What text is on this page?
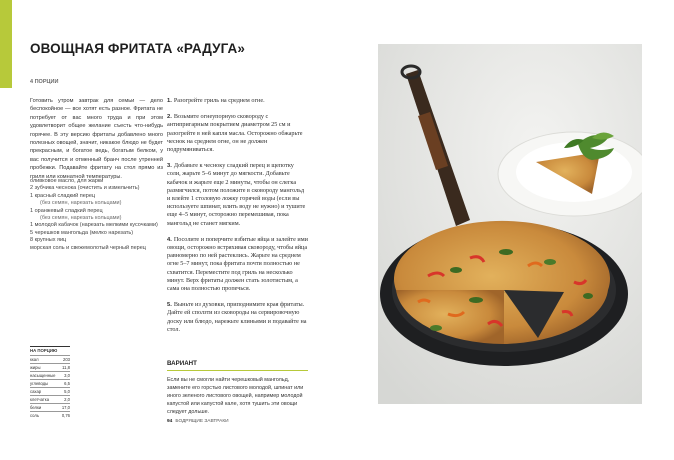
ОВОЩНАЯ ФРИТАТА «РАДУГА»
4 ПОРЦИИ

Готовить утром завтрак для семьи — дело беспокойное — все хотят есть разное. Фритата не потребует от вас много труда и при этом удовлетворит общее желание съесть что-нибудь горячее. В эту версию фритаты добавлено много полезных овощей, значит, никакое блюдо не будет прекрасным, и богатое ведь, богатым белком, у вас получится и отменный бранч после утренней пробежки. Подавайте фритату на стол прямо из гриля или комнатной температуры.

оливковое масло, для жарки
2 зубчика чеснока (очистить и измельчить)
1 красный сладкий перец
(без семян, нарезать кольцами)
1 оранжевый сладкий перец
(без семян, нарезать кольцами)
1 молодой кабачок (нарезать мелкими кусочками)
5 черешков мангольда (мелко нарезать)
8 крупных яиц
морская соль и свежемолотый черный перец
1. Разогрейте гриль на среднем огне.
2. Возьмите огнеупорную сковороду с антипригарным покрытием диаметром 25 см и разогрейте в ней капля масла. Осторожно обжарьте чеснок на среднем огне, он не должен подрумяниваться.
3. Добавьте к чесноку сладкий перец и щепотку соли, жарьте 5–6 минут до мягкости. Добавьте кабачок и жарьте еще 2 минуты, чтобы он слегка размягчился, потом положите в сковороду мангольд и влейте 1 столовую ложку горячей воды (если вы используете шпинат, влить воду не нужно) и тушите еще 4–5 минут, осторожно перемешивая, пока мангольд не станет мягким.
4. Посолите и поперчите взбитые яйца и залейте ими овощи, осторожно встряхивая сковороду, чтобы яйца равномерно по ней растеклись. Жарьте на среднем огне 5–7 минут, пока фритата почти полностью не схватится. Переместите под гриль на несколько минут. Верх фритаты должен стать золотистым, а сама она полностью пропечься.
5. Выньте из духовки, приподнимите края фритаты. Дайте ей сползти из сковороды на сервировочную доску или блюдо, нарежьте клиньями и подавайте на стол.
НА ПОРЦИЮ	
ккал	203
жиры	11,8
насыщенные	3,0
углеводы	6,5
сахар	5,0
клетчатка	2,0
белки	17,0
соль	0,76
ВАРИАНТ

Если вы не смогли найти черешковый мангольд, замените его горстью листового молодой, шпинат или иного зеленого листового овощей, например молодой капустой или капустой кале, хотя тушить эти овощи следует дольше.

94 БОДРЯЩИЕ ЗАВТРАКИ
